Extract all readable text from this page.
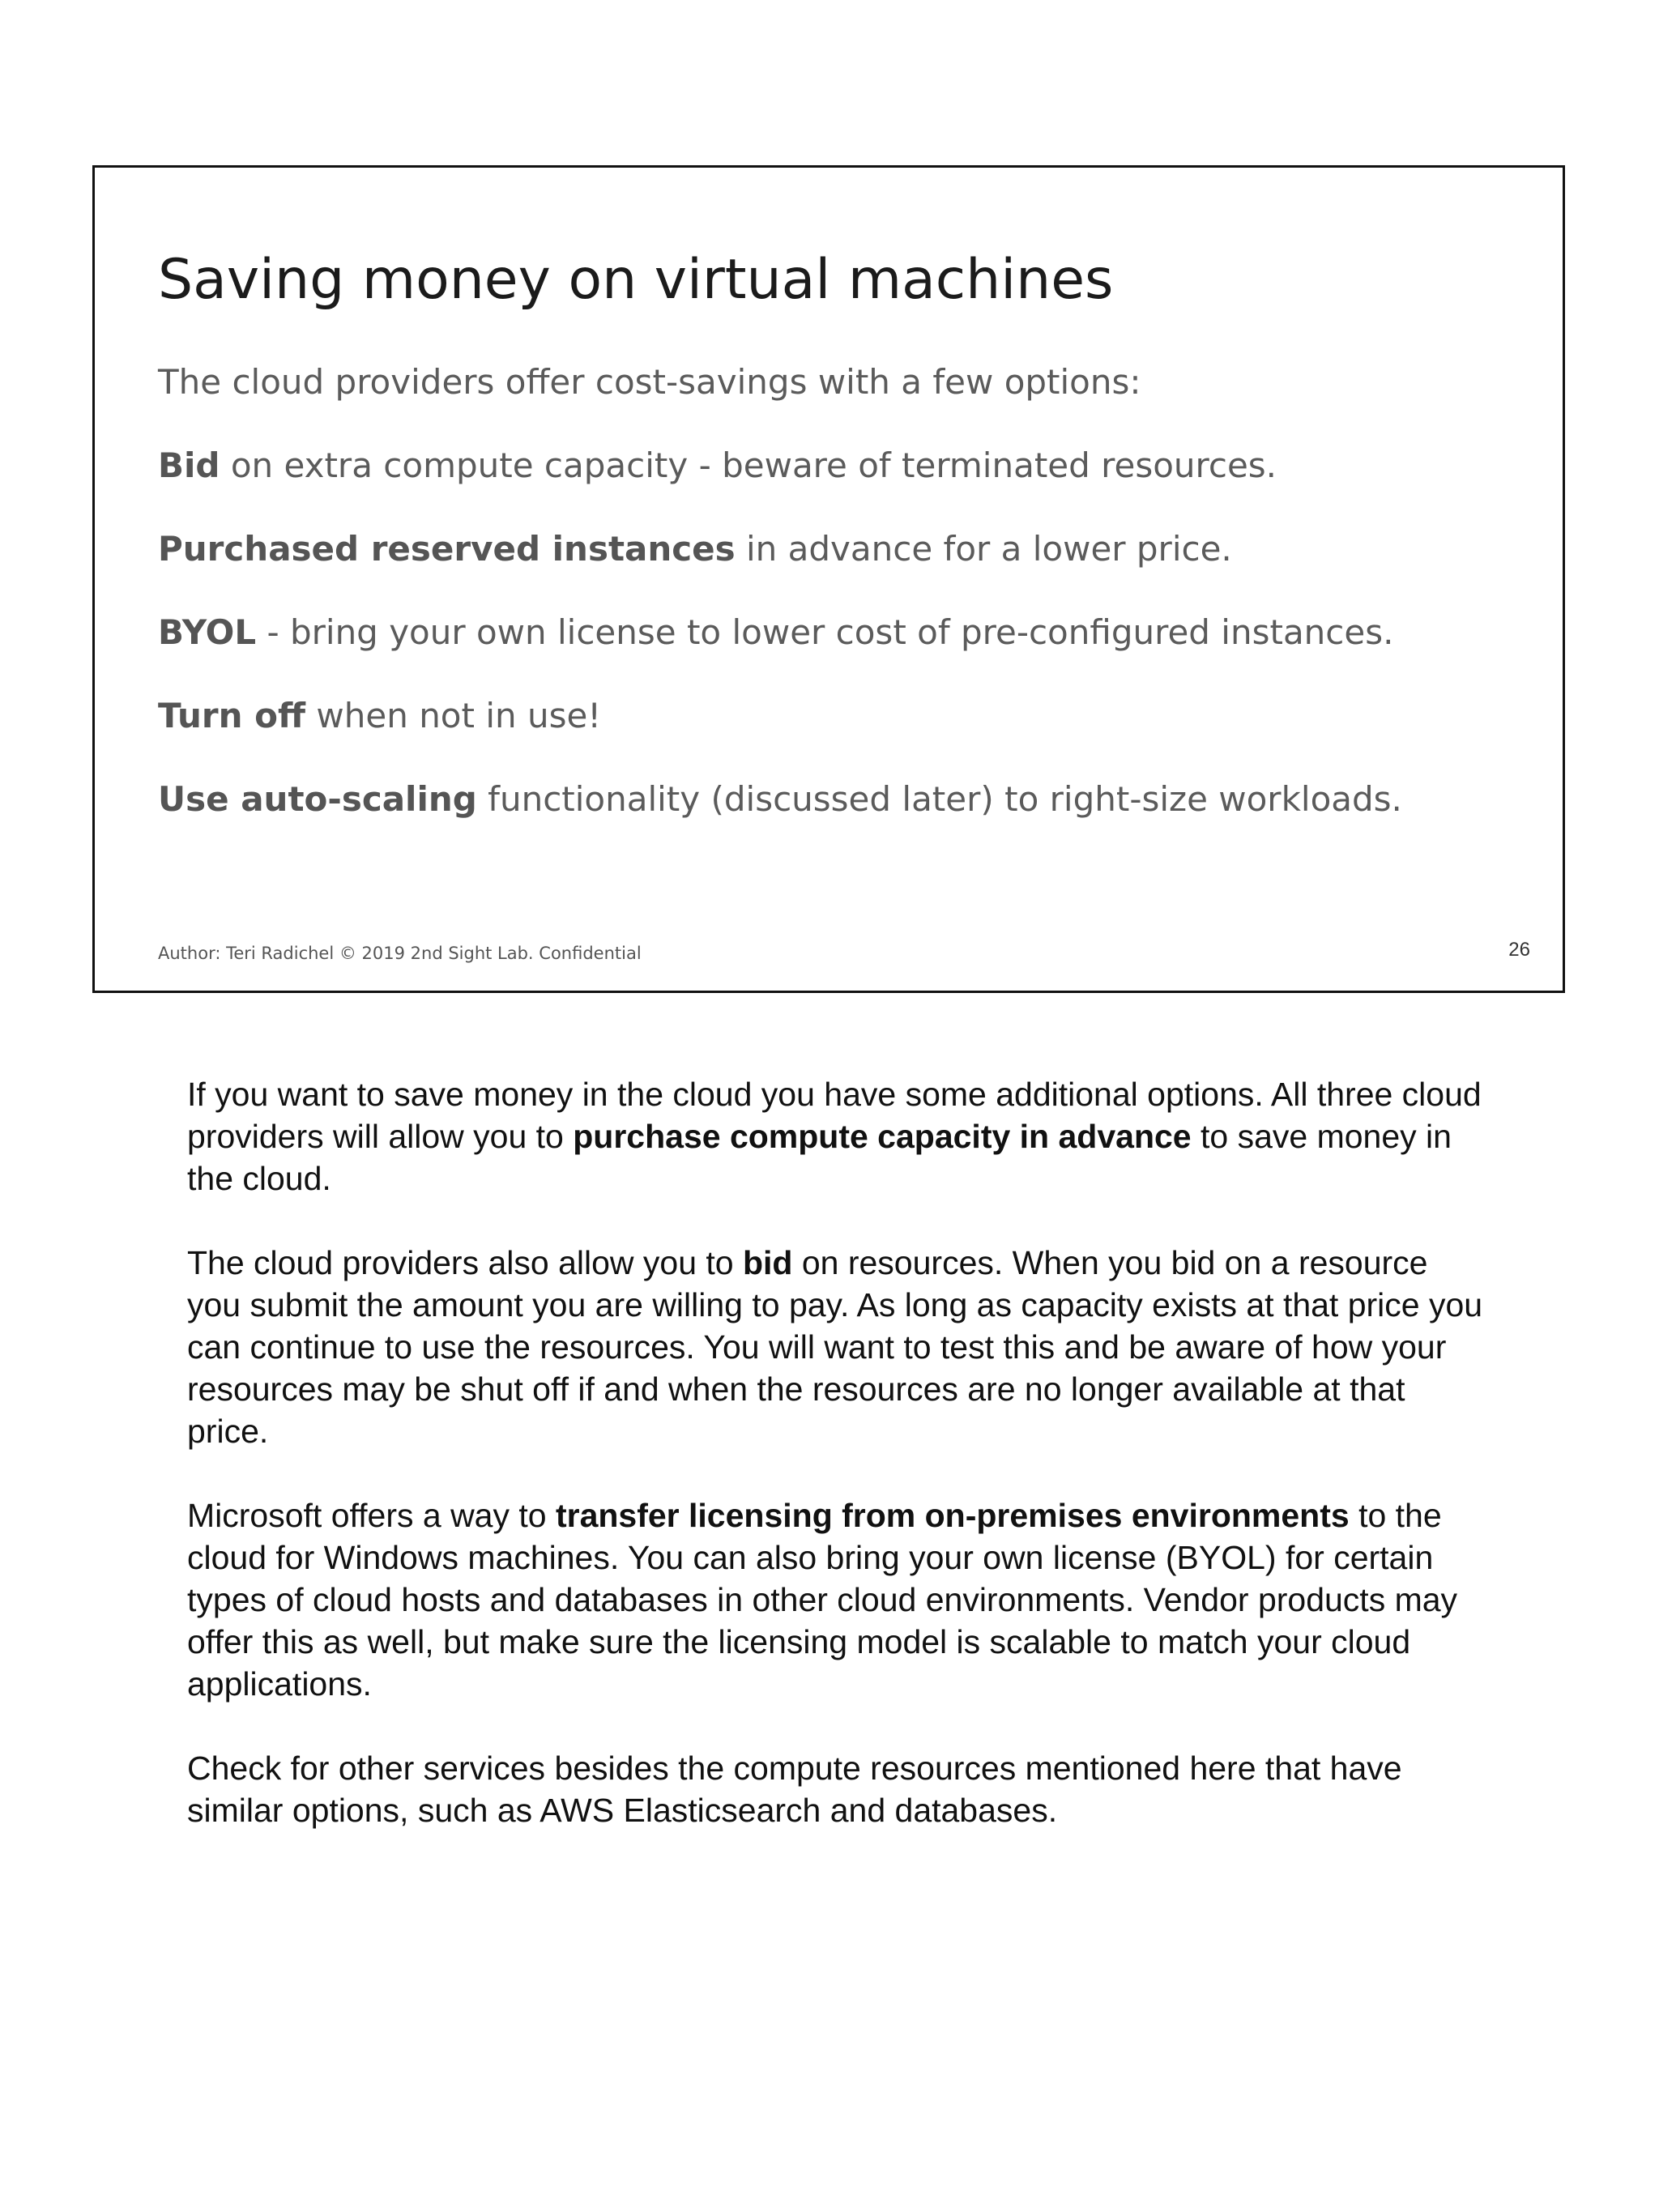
Saving money on virtual machines

The cloud providers offer cost-savings with a few options:

Bid on extra compute capacity - beware of terminated resources.
Purchased reserved instances in advance for a lower price.
BYOL - bring your own license to lower cost of pre-configured instances.
Turn off when not in use!
Use auto-scaling functionality (discussed later) to right-size workloads.

Author: Teri Radichel © 2019 2nd Sight Lab. Confidential	26

If you want to save money in the cloud you have some additional options. All three cloud providers will allow you to purchase compute capacity in advance to save money in the cloud.

The cloud providers also allow you to bid on resources. When you bid on a resource you submit the amount you are willing to pay. As long as capacity exists at that price you can continue to use the resources. You will want to test this and be aware of how your resources may be shut off if and when the resources are no longer available at that price.

Microsoft offers a way to transfer licensing from on-premises environments to the cloud for Windows machines. You can also bring your own license (BYOL) for certain types of cloud hosts and databases in other cloud environments. Vendor products may offer this as well, but make sure the licensing model is scalable to match your cloud applications.

Check for other services besides the compute resources mentioned here that have similar options, such as AWS Elasticsearch and databases.
